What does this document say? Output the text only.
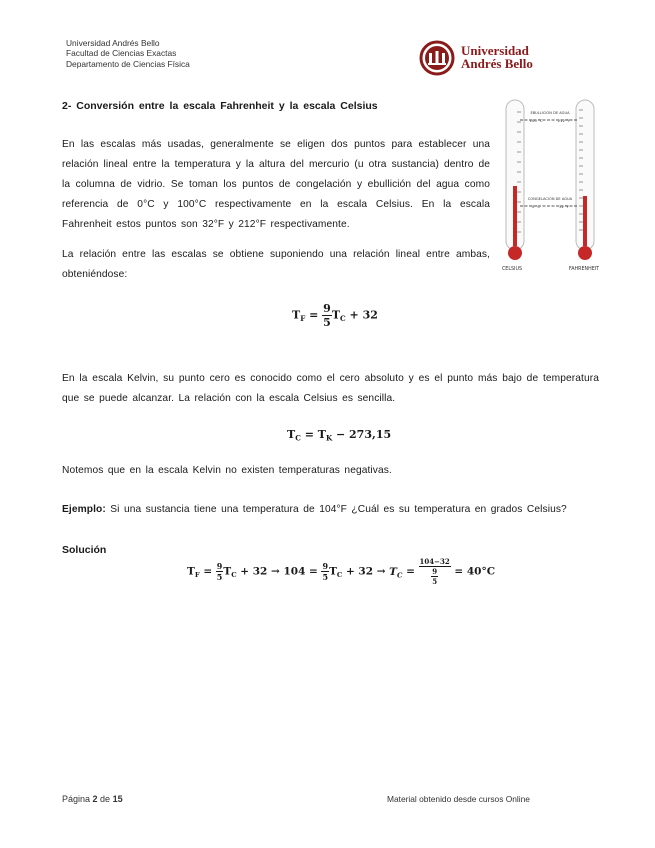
Universidad Andrés Bello
Facultad de Ciencias Exactas
Departamento de Ciencias Física
Universidad
Andrés Bello
2- Conversión entre la escala Fahrenheit y la escala Celsius
En las escalas más usadas, generalmente se eligen dos puntos para establecer una relación lineal entre la temperatura y la altura del mercurio (u otra sustancia) dentro de la columna de vidrio. Se toman los puntos de congelación y ebullición del agua como referencia de 0°C y 100°C respectivamente en la escala Celsius. En la escala Fahrenheit estos puntos son 32°F y 212°F respectivamente.
EBULLICIÓN DE AGUA
100 °C	212 °F
CONGELACIÓN DE AGUA
0 °C	32 °F
CELSIUS	FAHRENHEIT
La relación entre las escalas se obtiene suponiendo una relación lineal entre ambas, obteniéndose:
$T_F = \frac{9}{5} T_C + 32$
En la escala Kelvin, su punto cero es conocido como el cero absoluto y es el punto más bajo de temperatura que se puede alcanzar. La relación con la escala Celsius es sencilla.
$T_C = T_K - 273,15$
Notemos que en la escala Kelvin no existen temperaturas negativas.
Ejemplo: Si una sustancia tiene una temperatura de 104°F ¿Cuál es su temperatura en grados Celsius?
Solución
$T_F = \frac{9}{5} T_C + 32 \to 104 = \frac{9}{5} T_C + 32 \to T_C = \frac{104-32}{\frac{9}{5}} = 40^\circ C$
Página 2 de 15	Material obtenido desde cursos Online
